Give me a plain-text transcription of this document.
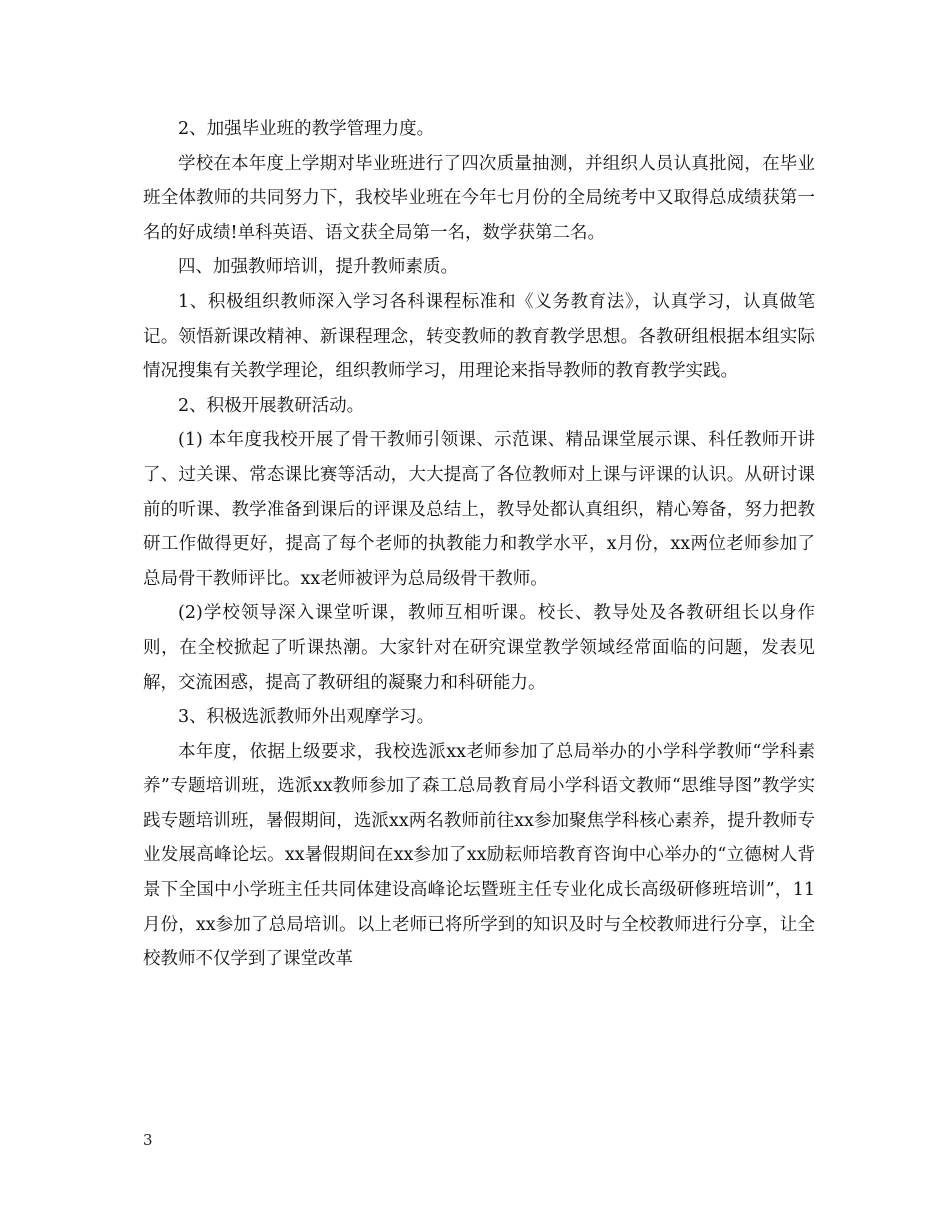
2、加强毕业班的教学管理力度。

学校在本年度上学期对毕业班进行了四次质量抽测，并组织人员认真批阅，在毕业班全体教师的共同努力下，我校毕业班在今年七月份的全局统考中又取得总成绩获第一名的好成绩!单科英语、语文获全局第一名，数学获第二名。

四、加强教师培训，提升教师素质。

1、积极组织教师深入学习各科课程标准和《义务教育法》，认真学习，认真做笔记。领悟新课改精神、新课程理念，转变教师的教育教学思想。各教研组根据本组实际情况搜集有关教学理论，组织教师学习，用理论来指导教师的教育教学实践。

2、积极开展教研活动。

(1) 本年度我校开展了骨干教师引领课、示范课、精品课堂展示课、科任教师开讲了、过关课、常态课比赛等活动，大大提高了各位教师对上课与评课的认识。从研讨课前的听课、教学准备到课后的评课及总结上，教导处都认真组织，精心筹备，努力把教研工作做得更好，提高了每个老师的执教能力和教学水平，x月份，xx两位老师参加了总局骨干教师评比。xx老师被评为总局级骨干教师。

(2)学校领导深入课堂听课，教师互相听课。校长、教导处及各教研组长以身作则，在全校掀起了听课热潮。大家针对在研究课堂教学领域经常面临的问题，发表见解，交流困惑，提高了教研组的凝聚力和科研能力。

3、积极选派教师外出观摩学习。

本年度，依据上级要求，我校选派xx老师参加了总局举办的小学科学教师“学科素养”专题培训班，选派xx教师参加了森工总局教育局小学科语文教师“思维导图”教学实践专题培训班，暑假期间，选派xx两名教师前往xx参加聚焦学科核心素养，提升教师专业发展高峰论坛。xx暑假期间在xx参加了xx励耘师培教育咨询中心举办的“立德树人背景下全国中小学班主任共同体建设高峰论坛暨班主任专业化成长高级研修班培训”，11月份，xx参加了总局培训。以上老师已将所学到的知识及时与全校教师进行分享，让全校教师不仅学到了课堂改革

3
